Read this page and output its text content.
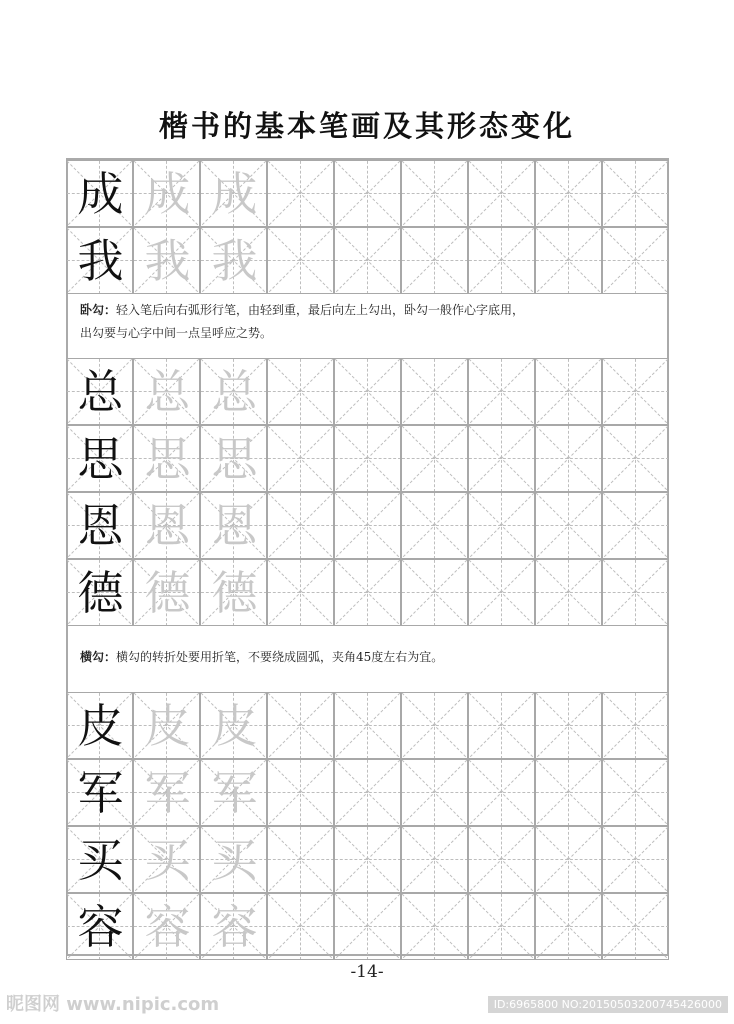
楷书的基本笔画及其形态变化
成 成 成
我 我 我
卧勾：轻入笔后向右弧形行笔，由轻到重，最后向左上勾出，卧勾一般作心字底用，
出勾要与心字中间一点呈呼应之势。
总 总 总
思 思 思
恩 恩 恩
德 德 德
横勾：横勾的转折处要用折笔，不要绕成圆弧，夹角45度左右为宜。
皮 皮 皮
军 军 军
买 买 买
容 容 容
-14-
昵图网 www.nipic.com	ID:6965800 NO:20150503200745426000
